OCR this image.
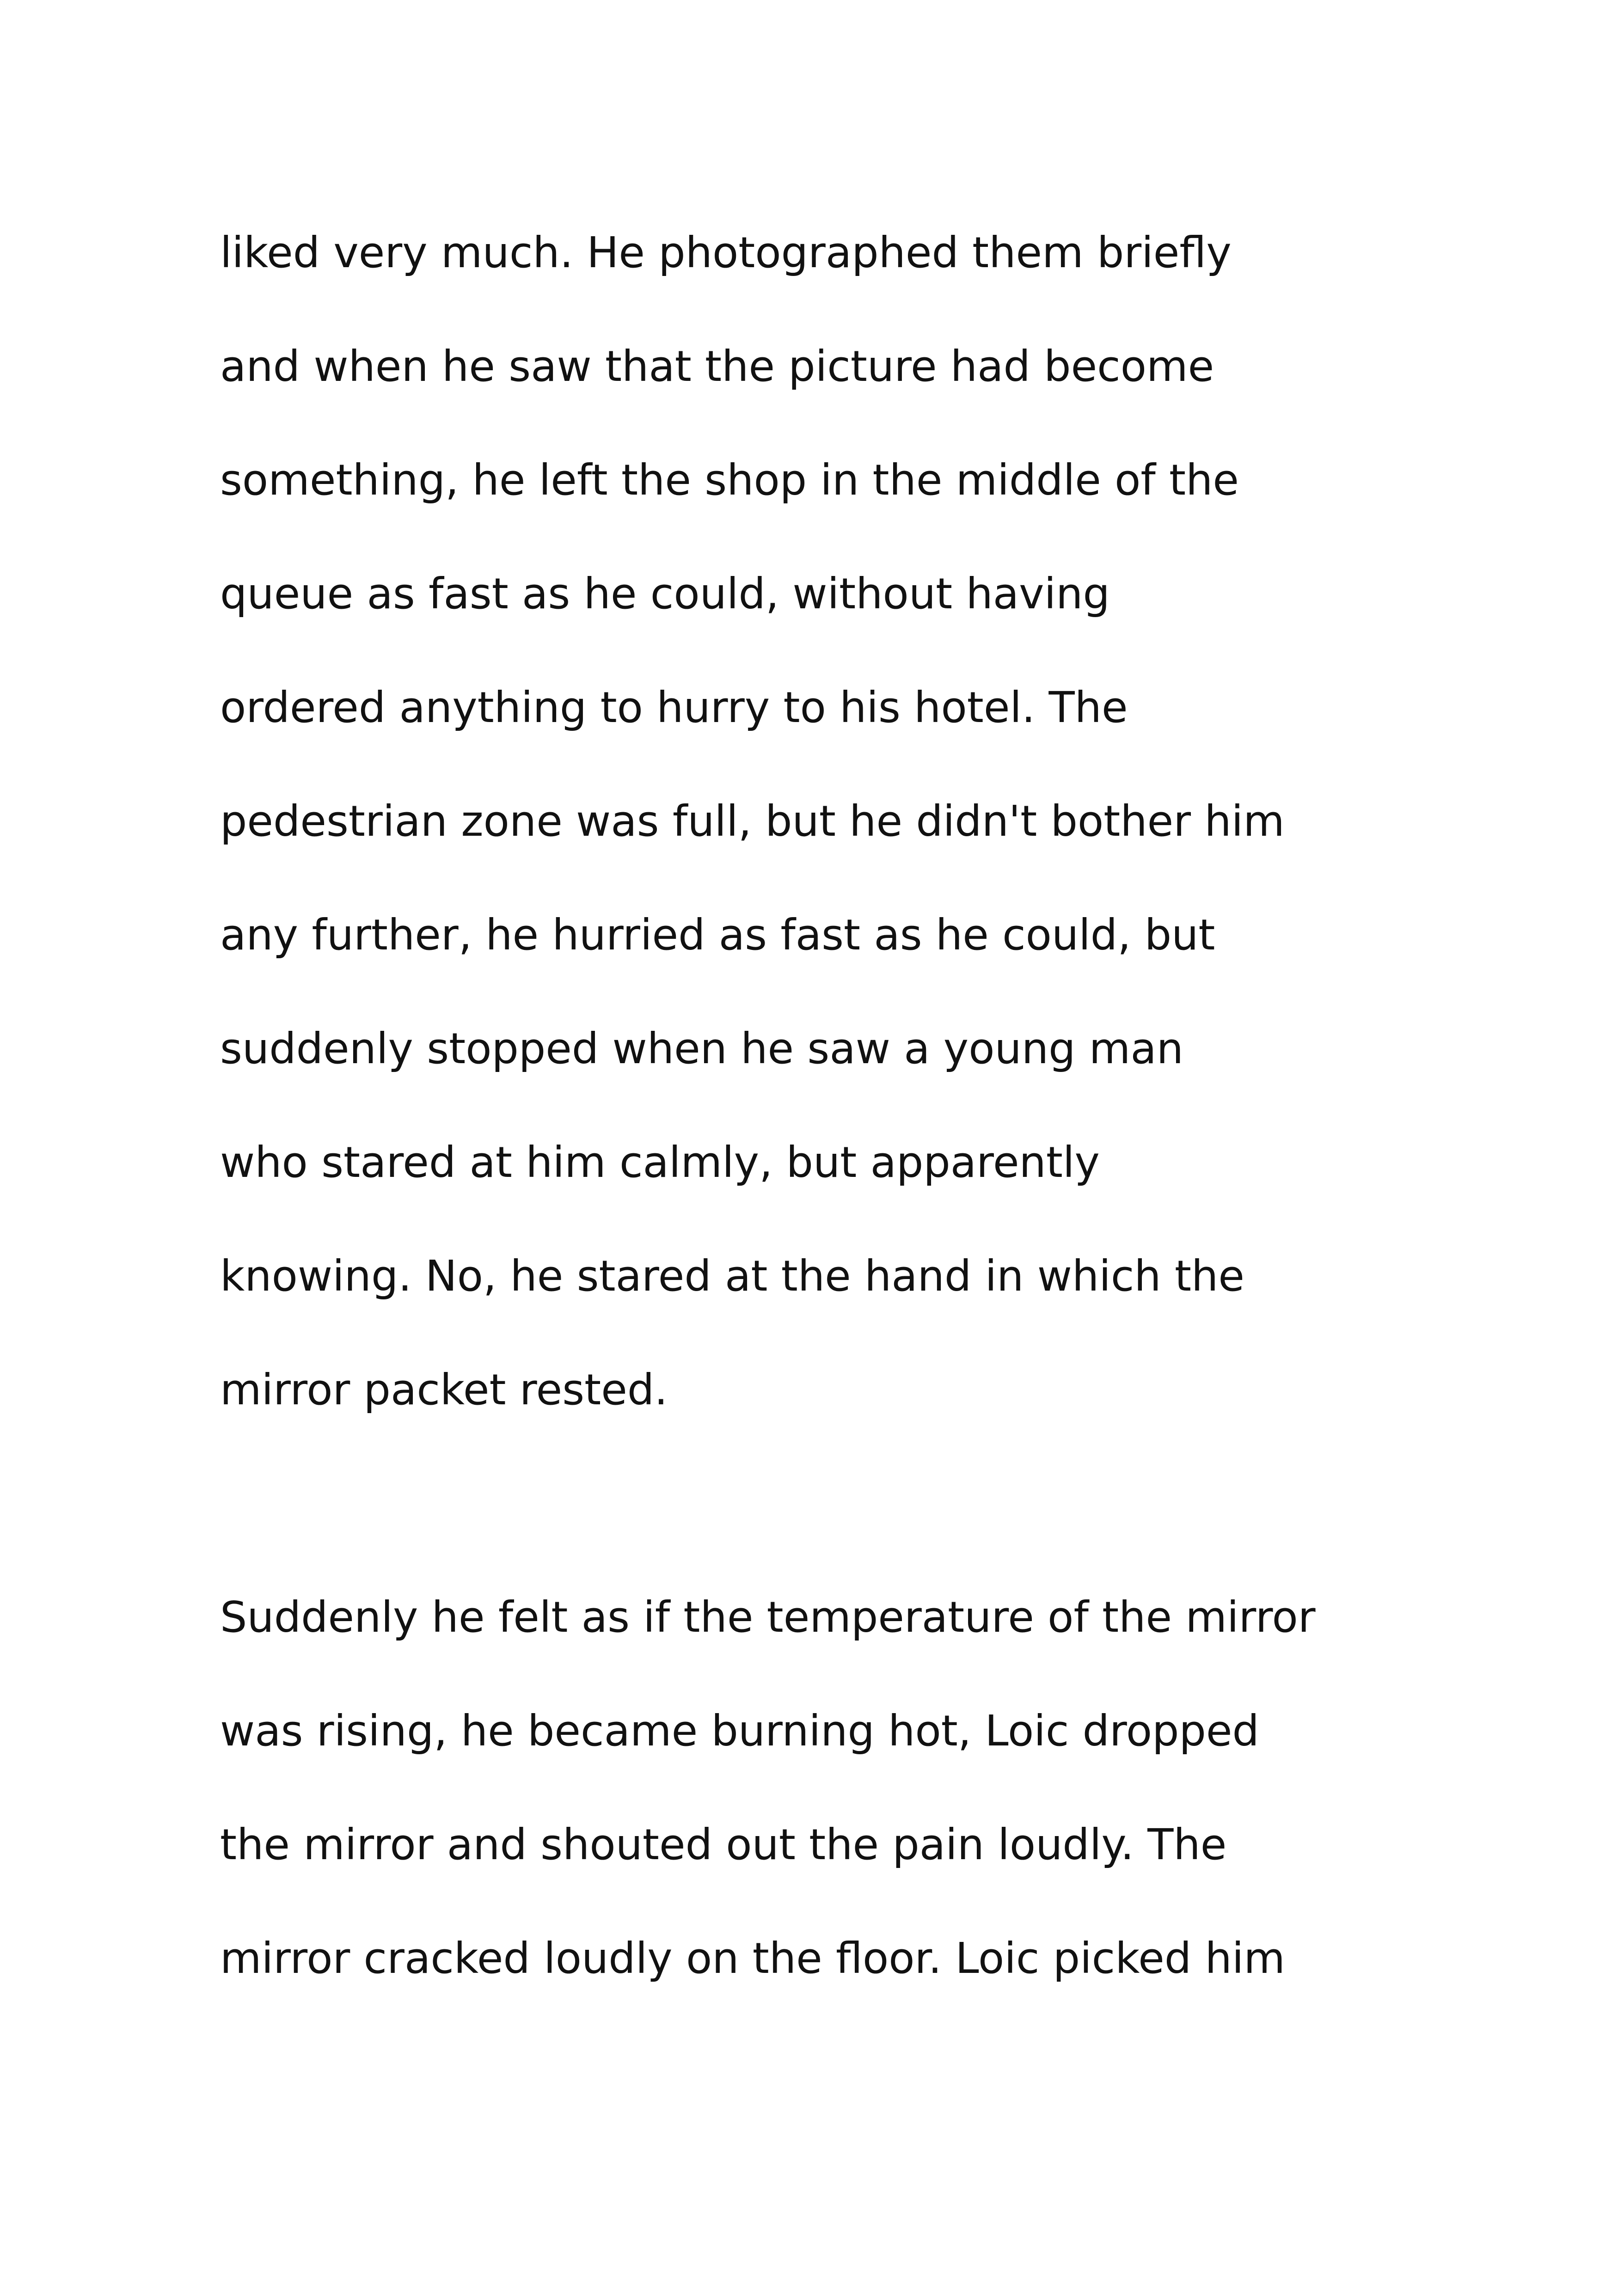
liked very much. He photographed them briefly

and when he saw that the picture had become

something, he left the shop in the middle of the

queue as fast as he could, without having

ordered anything to hurry to his hotel. The

pedestrian zone was full, but he didn't bother him

any further, he hurried as fast as he could, but

suddenly stopped when he saw a young man

who stared at him calmly, but apparently

knowing. No, he stared at the hand in which the

mirror packet rested.

Suddenly he felt as if the temperature of the mirror

was rising, he became burning hot, Loic dropped

the mirror and shouted out the pain loudly. The

mirror cracked loudly on the floor. Loic picked him
